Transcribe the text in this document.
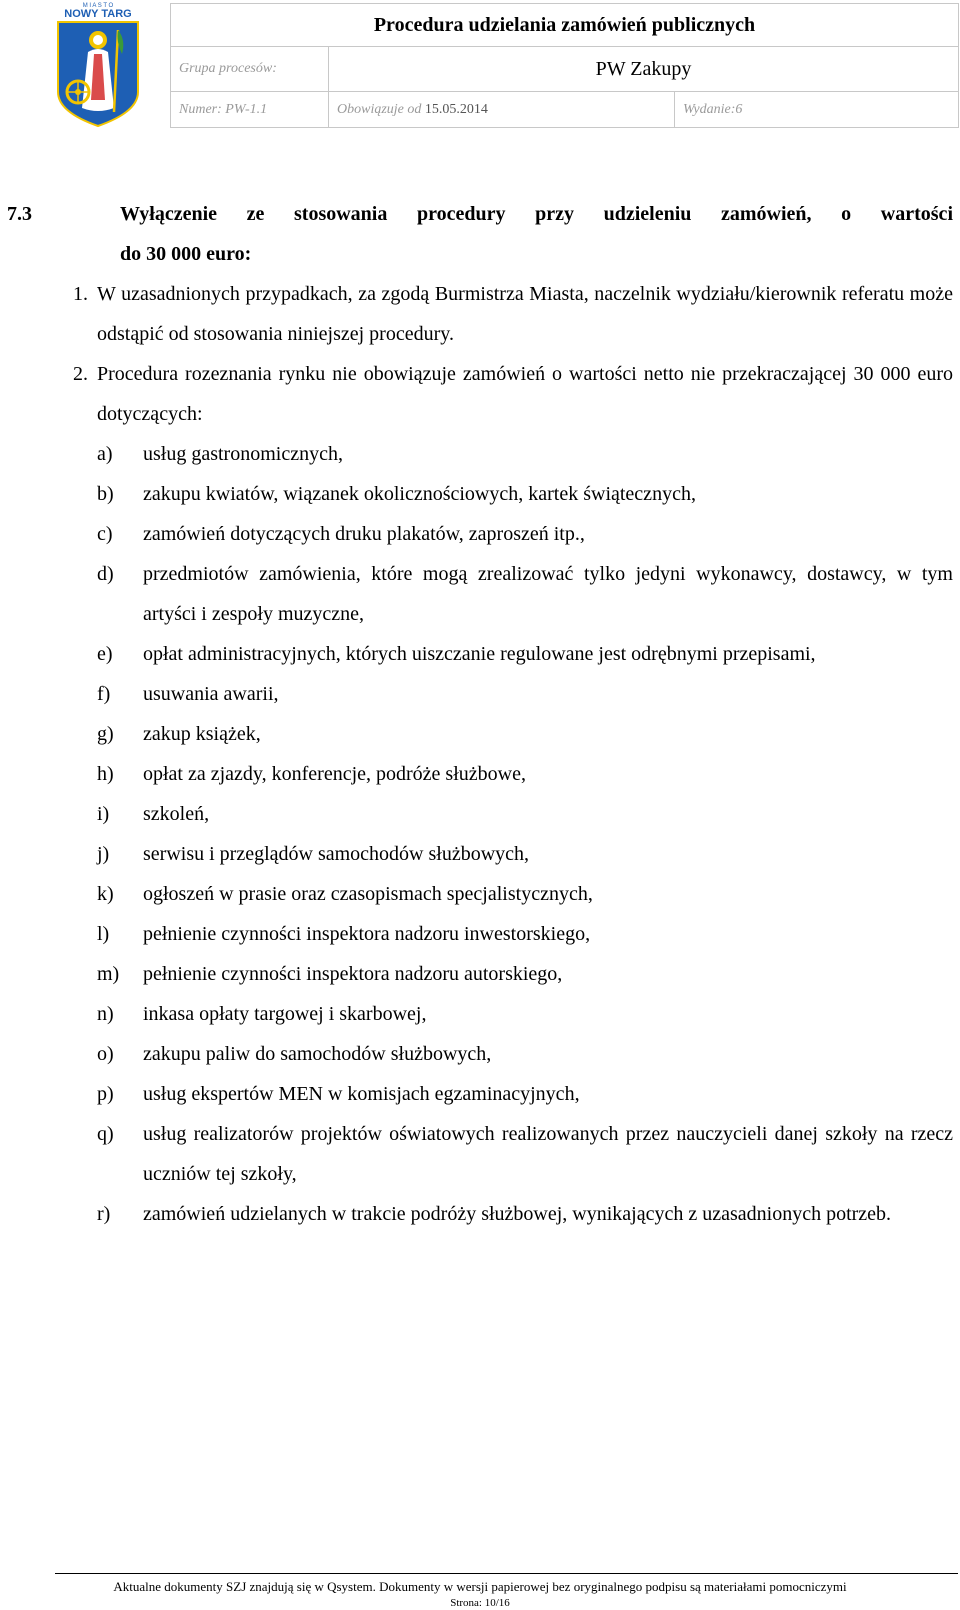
M I A S T O
NOWY TARG	Procedura udzielania zamówień publicznych		
Grupa procesów:	PW Zakupy	
Numer: PW-1.1	Obowiązuje od 15.05.2014	Wydanie:6
7.3	Wyłączenie ze stosowania procedury przy udzieleniu zamówień, o wartości
do 30 000 euro:
1. W uzasadnionych przypadkach, za zgodą Burmistrza Miasta, naczelnik wydziału/kierownik referatu może odstąpić od stosowania niniejszej procedury.
2. Procedura rozeznania rynku nie obowiązuje zamówień o wartości netto nie przekraczającej 30 000 euro dotyczących:
a)	usług gastronomicznych,
b)	zakupu kwiatów, wiązanek okolicznościowych, kartek świątecznych,
c)	zamówień dotyczących druku plakatów, zaproszeń itp.,
d)	przedmiotów zamówienia, które mogą zrealizować tylko jedyni wykonawcy, dostawcy, w tym artyści i zespoły muzyczne,
e)	opłat administracyjnych, których uiszczanie regulowane jest odrębnymi przepisami,
f)	usuwania awarii,
g)	zakup książek,
h)	opłat za zjazdy, konferencje, podróże służbowe,
i)	szkoleń,
j)	serwisu i przeglądów samochodów służbowych,
k)	ogłoszeń w prasie oraz czasopismach specjalistycznych,
l)	pełnienie czynności inspektora nadzoru inwestorskiego,
m)	pełnienie czynności inspektora nadzoru autorskiego,
n)	inkasa opłaty targowej i skarbowej,
o)	zakupu paliw do samochodów służbowych,
p)	usług ekspertów MEN w komisjach egzaminacyjnych,
q)	usług realizatorów projektów oświatowych realizowanych przez nauczycieli danej szkoły na rzecz uczniów tej szkoły,
r)	zamówień udzielanych w trakcie podróży służbowej, wynikających z uzasadnionych potrzeb.
Aktualne dokumenty SZJ znajdują się w Qsystem. Dokumenty w wersji papierowej bez oryginalnego podpisu są materiałami pomocniczymi
Strona: 10/16
